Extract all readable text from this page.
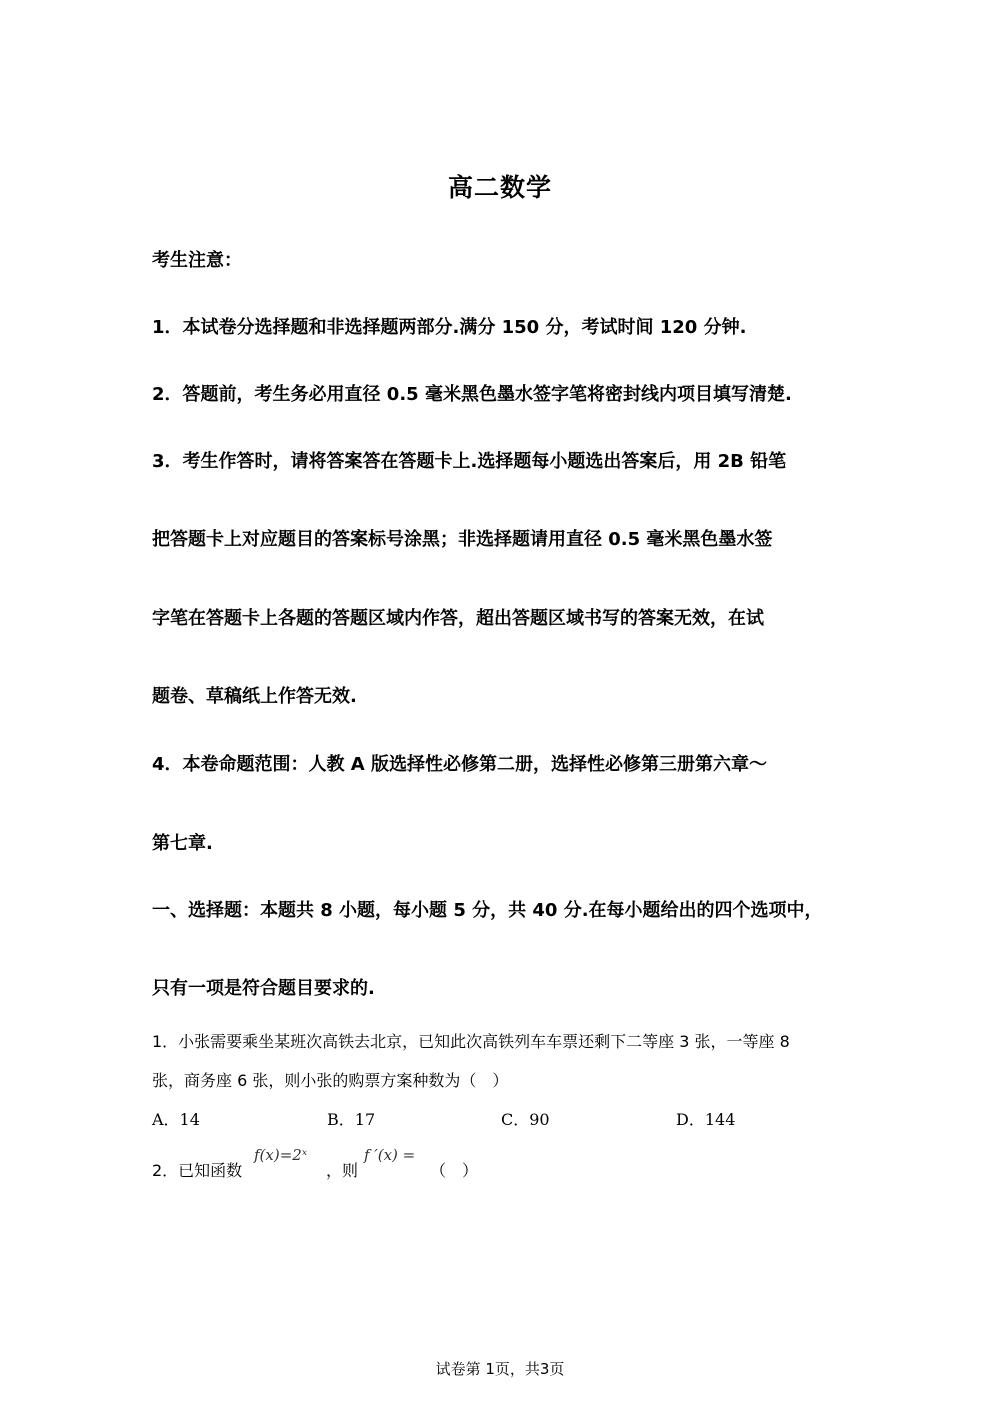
高二数学
考生注意：
1．本试卷分选择题和非选择题两部分.满分 150 分，考试时间 120 分钟.
2．答题前，考生务必用直径 0.5 毫米黑色墨水签字笔将密封线内项目填写清楚.
3．考生作答时，请将答案答在答题卡上.选择题每小题选出答案后，用 2B 铅笔
把答题卡上对应题目的答案标号涂黑；非选择题请用直径 0.5 毫米黑色墨水签
字笔在答题卡上各题的答题区域内作答，超出答题区域书写的答案无效，在试
题卷、草稿纸上作答无效.
4．本卷命题范围：人教 A 版选择性必修第二册，选择性必修第三册第六章～
第七章.
一、选择题：本题共 8 小题，每小题 5 分，共 40 分.在每小题给出的四个选项中，
只有一项是符合题目要求的.
1．小张需要乘坐某班次高铁去北京，已知此次高铁列车车票还剩下二等座 3 张，一等座 8
张，商务座 6 张，则小张的购票方案种数为（　）
A．14	B．17	C．90	D．144
2．已知函数
f(x)=2ˣ
，则
f ′(x) =
（　）
试卷第 1页，共3页
